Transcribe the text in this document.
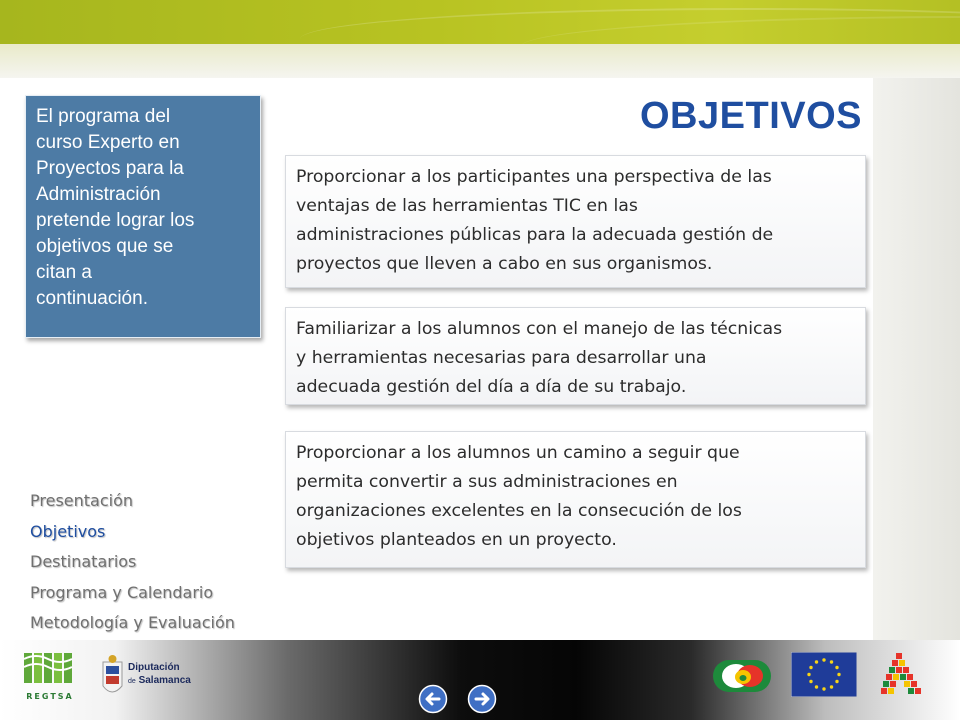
El programa del
curso Experto en
Proyectos para la
Administración
pretende lograr los
objetivos que se
citan a
continuación.
OBJETIVOS
Proporcionar a los participantes una perspectiva de las
ventajas de las herramientas TIC en las
administraciones públicas para la adecuada gestión de
proyectos que lleven a cabo en sus organismos.
Familiarizar a los alumnos con el manejo de las técnicas
y herramientas necesarias para desarrollar una
adecuada gestión del día a día de su trabajo.
Proporcionar a los alumnos un camino a seguir que
permita convertir a sus administraciones en
organizaciones excelentes en la consecución de los
objetivos planteados en un proyecto.
Presentación
Objetivos
Destinatarios
Programa y Calendario
Metodología y Evaluación
REGTSA
Diputación
de Salamanca
